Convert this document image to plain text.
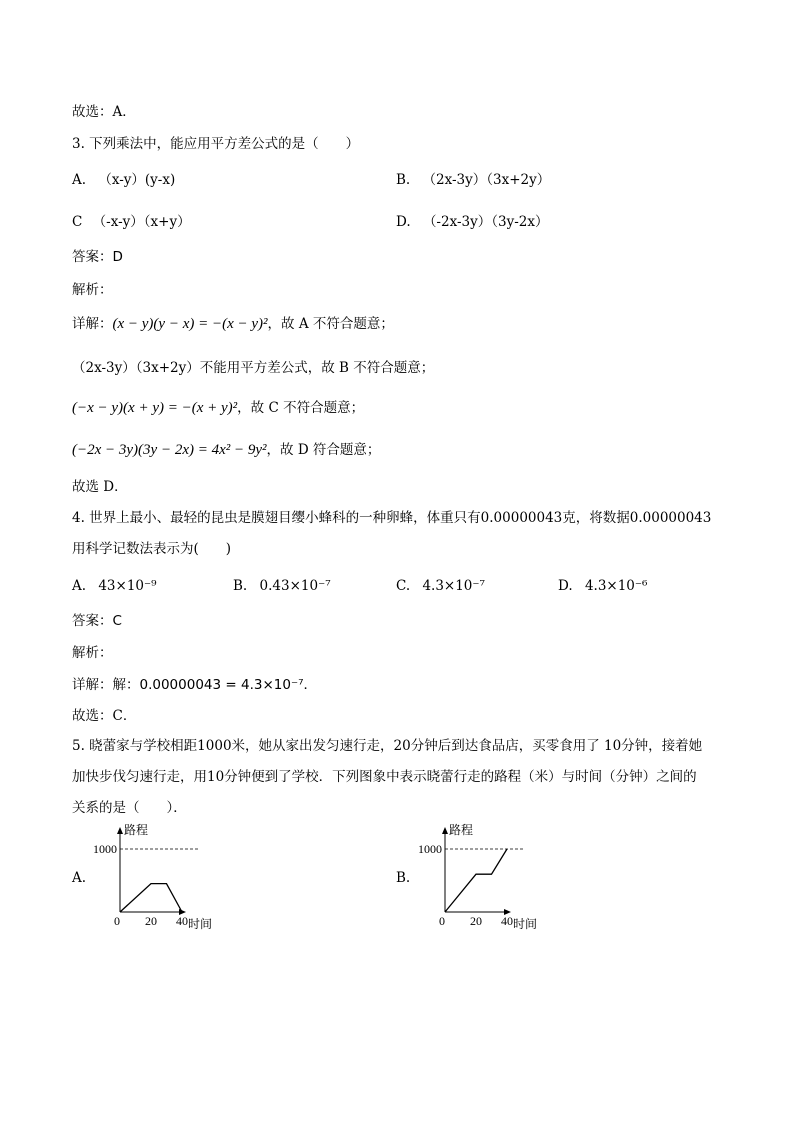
故选：A．
3. 下列乘法中，能应用平方差公式的是（　　）
A. （x-y）(y-x)	B. （2x-3y）（3x+2y）
C （-x-y）（x+y）	D. （-2x-3y）（3y-2x）
答案：D
解析：
详解：(x − y)(y − x) = −(x − y)²，故 A 不符合题意；
（2x-3y）（3x+2y）不能用平方差公式，故 B 不符合题意；
(−x − y)(x + y) = −(x + y)²，故 C 不符合题意；
(−2x − 3y)(3y − 2x) = 4x² − 9y²，故 D 符合题意；
故选 D．
4. 世界上最小、最轻的昆虫是膜翅目缨小蜂科的一种卵蜂，体重只有0.00000043克，将数据0.00000043
用科学记数法表示为(　　)
A. 43×10⁻⁹	B. 0.43×10⁻⁷	C. 4.3×10⁻⁷	D. 4.3×10⁻⁶
答案：C
解析：
详解：解：0.00000043 = 4.3×10⁻⁷．
故选：C．
5. 晓蕾家与学校相距1000米，她从家出发匀速行走，20分钟后到达食品店，买零食用了 10分钟，接着她
加快步伐匀速行走，用10分钟便到了学校．下列图象中表示晓蕾行走的路程（米）与时间（分钟）之间的
关系的是（　　）．
A.	B.
1000
路程
时间
0 20 40
1000
路程
时间
0 20 40
